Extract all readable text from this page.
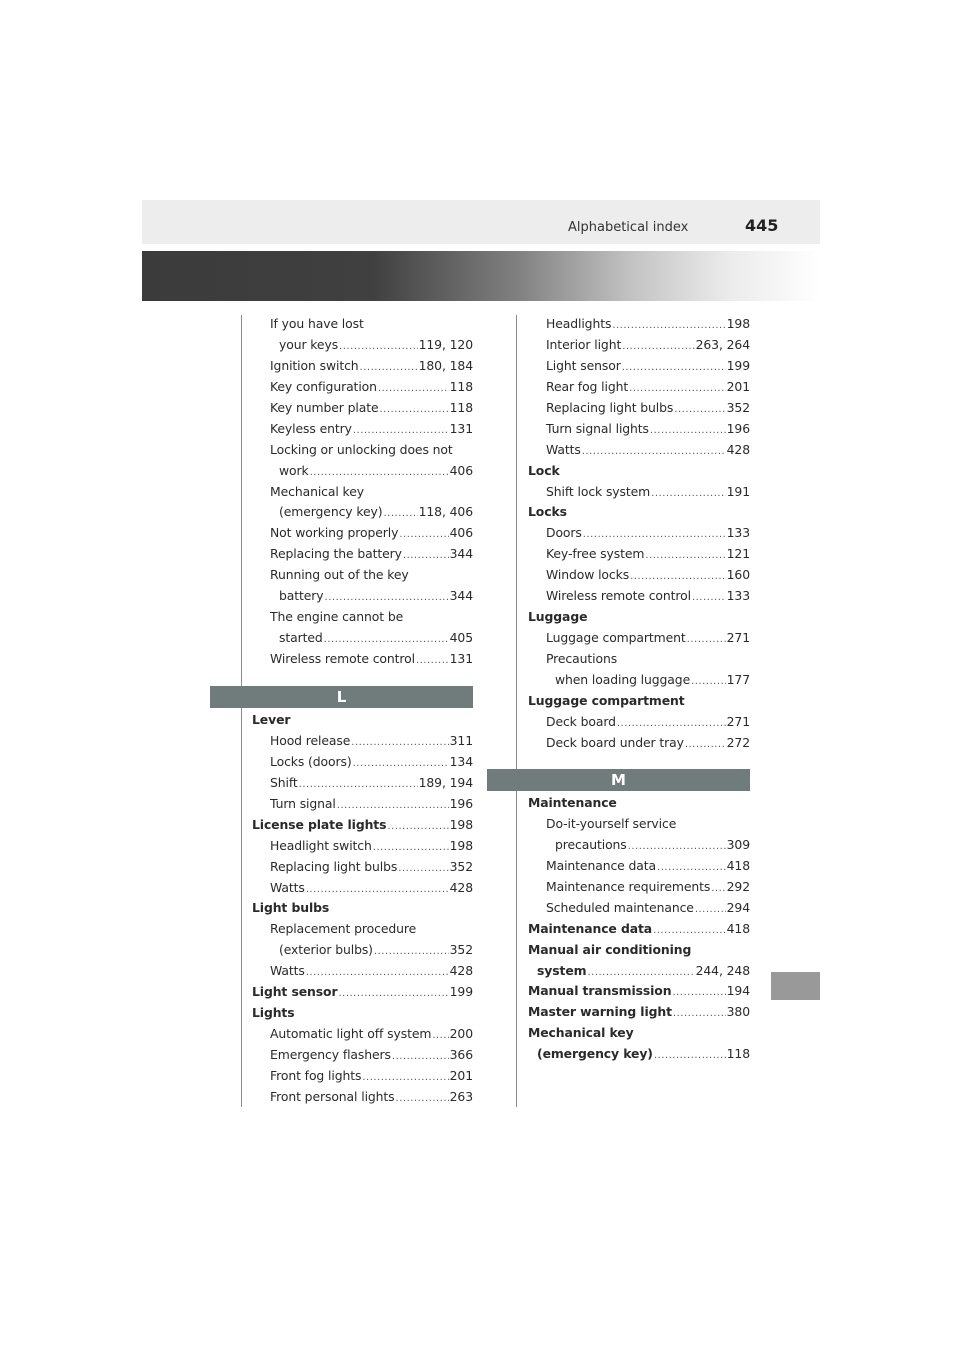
Alphabetical index	445
If you have lost
your keys .....	119, 120
Ignition switch .....	180, 184
Key configuration .....	118
Key number plate .....	118
Keyless entry .....	131
Locking or unlocking does not
work .....	406
Mechanical key
(emergency key) .....	118, 406
Not working properly .....	406
Replacing the battery .....	344
Running out of the key
battery .....	344
The engine cannot be
started .....	405
Wireless remote control .....	131
L
Lever
Hood release .....	311
Locks (doors) .....	134
Shift .....	189, 194
Turn signal .....	196
License plate lights .....	198
Headlight switch .....	198
Replacing light bulbs .....	352
Watts .....	428
Light bulbs
Replacement procedure
(exterior bulbs) .....	352
Watts .....	428
Light sensor .....	199
Lights
Automatic light off system ..... 200
Emergency flashers .....	366
Front fog lights .....	201
Front personal lights .....	263
Headlights .....	198
Interior light .....	263, 264
Light sensor .....	199
Rear fog light .....	201
Replacing light bulbs .....	352
Turn signal lights .....	196
Watts .....	428
Lock
Shift lock system .....	191
Locks
Doors .....	133
Key-free system .....	121
Window locks .....	160
Wireless remote control .....	133
Luggage
Luggage compartment .....	271
Precautions
when loading luggage .....	177
Luggage compartment
Deck board .....	271
Deck board under tray .....	272
M
Maintenance
Do-it-yourself service
precautions .....	309
Maintenance data .....	418
Maintenance requirements ..... 292
Scheduled maintenance .....	294
Maintenance data .....	418
Manual air conditioning
system .....	244, 248
Manual transmission .....	194
Master warning light .....	380
Mechanical key
(emergency key) .....	118
